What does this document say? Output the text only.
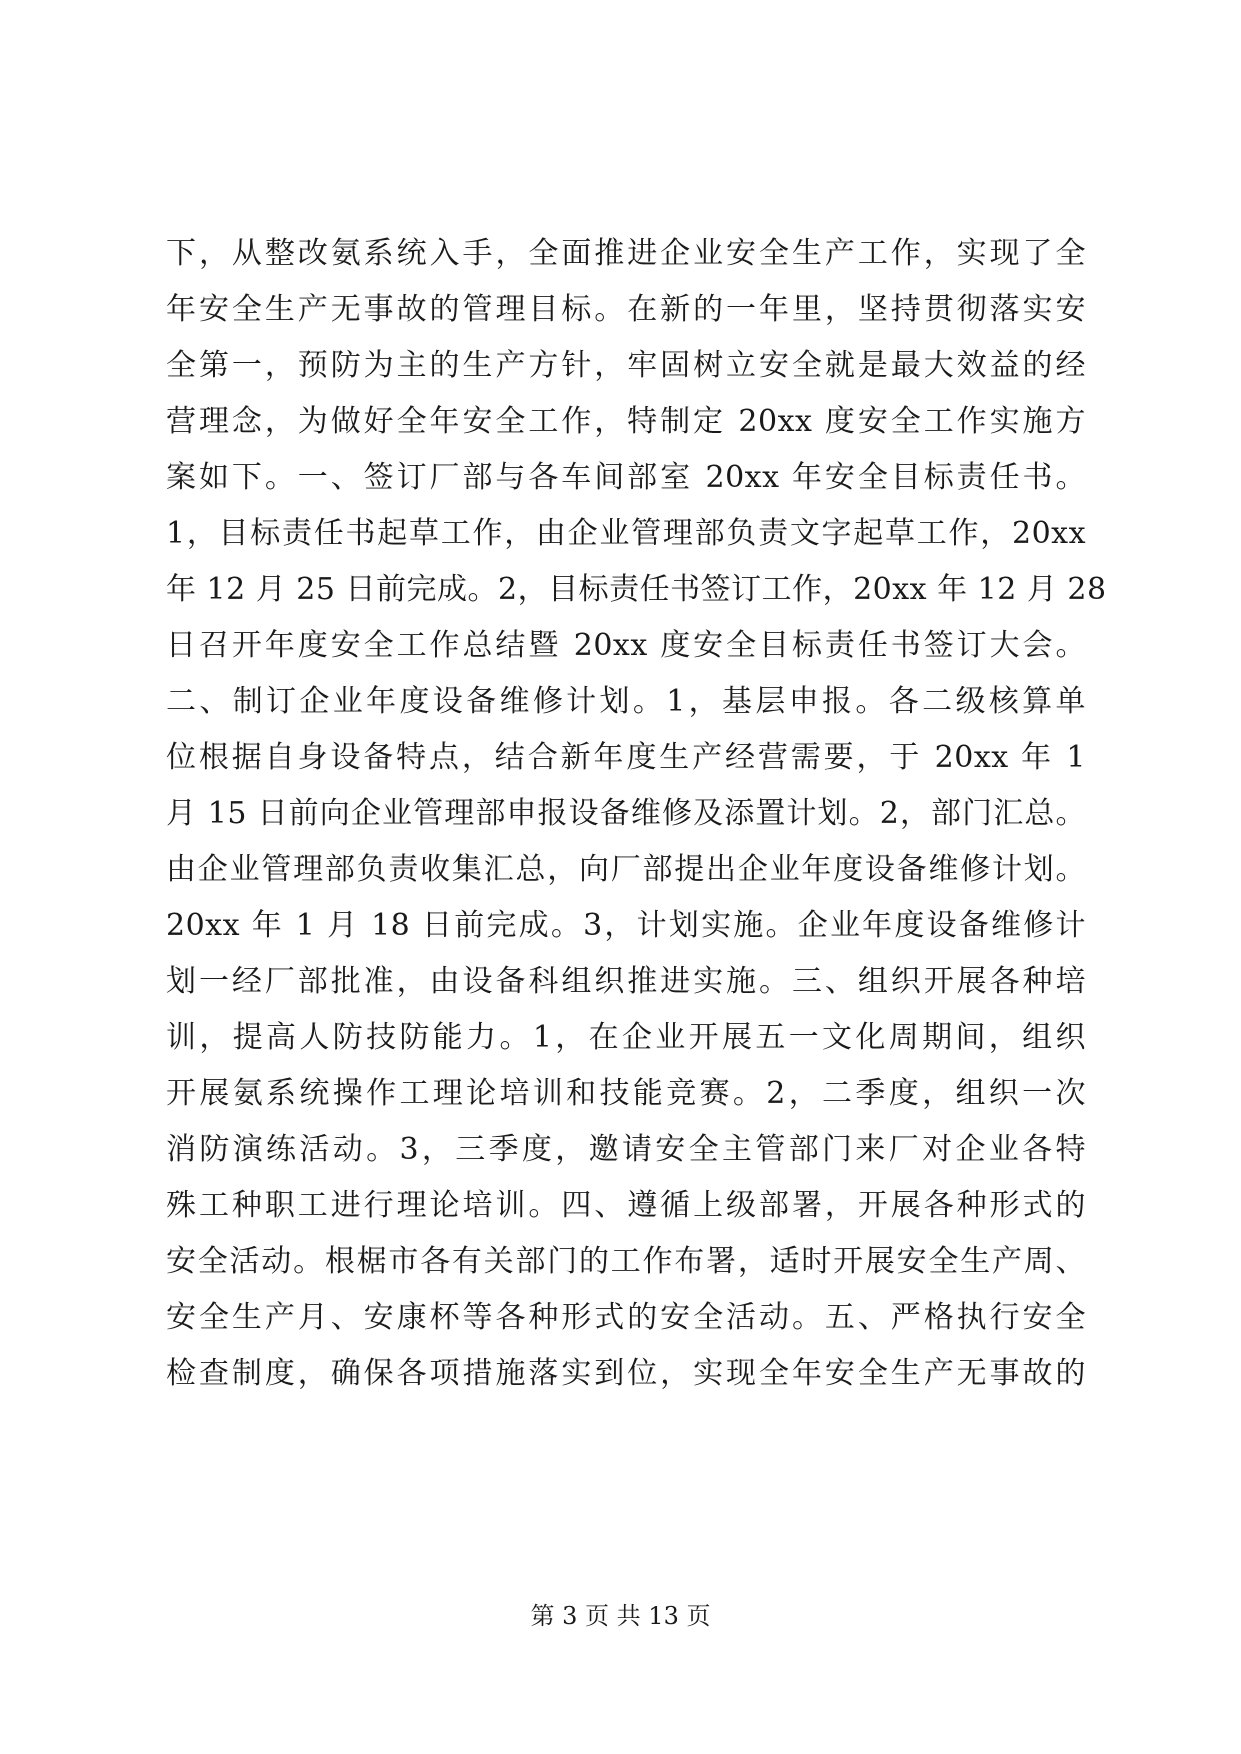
下，从整改氨系统入手，全面推进企业安全生产工作，实现了全
年安全生产无事故的管理目标。在新的一年里，坚持贯彻落实安
全第一，预防为主的生产方针，牢固树立安全就是最大效益的经
营理念，为做好全年安全工作，特制定 20xx 度安全工作实施方
案如下。一、签订厂部与各车间部室 20xx 年安全目标责任书。
1，目标责任书起草工作，由企业管理部负责文字起草工作，20xx
年 12 月 25 日前完成。2，目标责任书签订工作，20xx 年 12 月 28
日召开年度安全工作总结暨 20xx 度安全目标责任书签订大会。
二、制订企业年度设备维修计划。1，基层申报。各二级核算单
位根据自身设备特点，结合新年度生产经营需要，于 20xx 年 1
月 15 日前向企业管理部申报设备维修及添置计划。2，部门汇总。
由企业管理部负责收集汇总，向厂部提出企业年度设备维修计划。
20xx 年 1 月 18 日前完成。3，计划实施。企业年度设备维修计
划一经厂部批准，由设备科组织推进实施。三、组织开展各种培
训，提高人防技防能力。1，在企业开展五一文化周期间，组织
开展氨系统操作工理论培训和技能竞赛。2，二季度，组织一次
消防演练活动。3，三季度，邀请安全主管部门来厂对企业各特
殊工种职工进行理论培训。四、遵循上级部署，开展各种形式的
安全活动。根椐市各有关部门的工作布署，适时开展安全生产周、
安全生产月、安康杯等各种形式的安全活动。五、严格执行安全
检查制度，确保各项措施落实到位，实现全年安全生产无事故的
第 3 页 共 13 页
